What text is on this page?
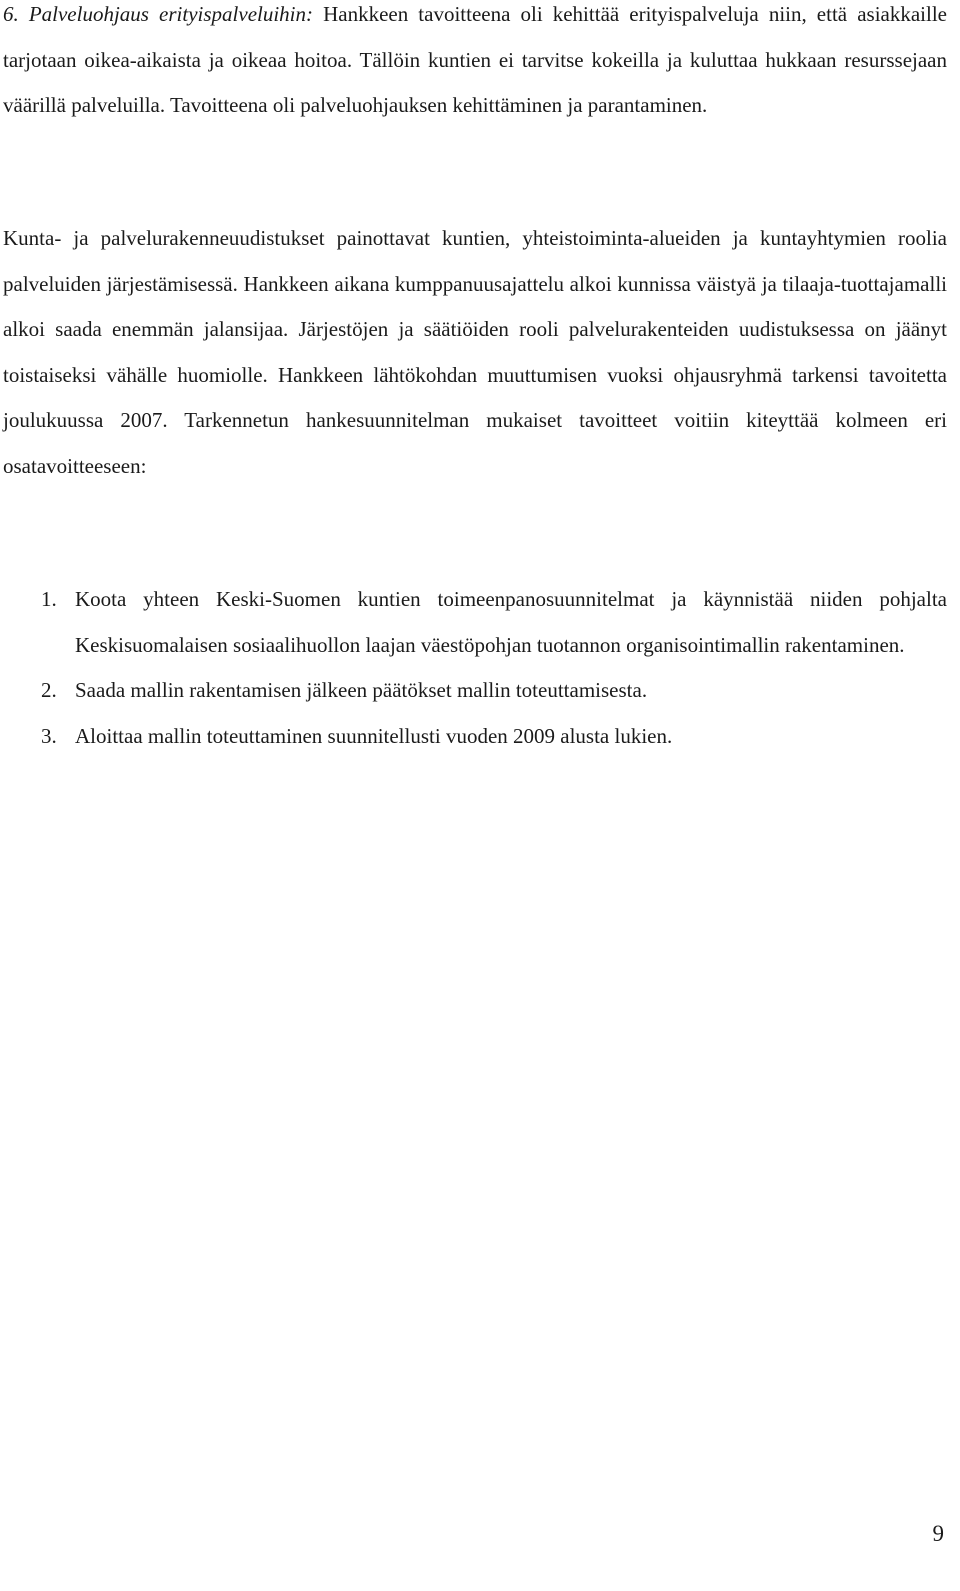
6. Palveluohjaus erityispalveluihin: Hankkeen tavoitteena oli kehittää erityispalveluja niin, että asiakkaille tarjotaan oikea-aikaista ja oikeaa hoitoa. Tällöin kuntien ei tarvitse kokeilla ja kuluttaa hukkaan resurssejaan väärillä palveluilla. Tavoitteena oli palveluohjauksen kehittäminen ja parantaminen.

Kunta- ja palvelurakenneuudistukset painottavat kuntien, yhteistoiminta-alueiden ja kuntayhtymien roolia palveluiden järjestämisessä. Hankkeen aikana kumppanuusajattelu alkoi kunnissa väistyä ja tilaaja-tuottajamalli alkoi saada enemmän jalansijaa. Järjestöjen ja säätiöiden rooli palvelurakenteiden uudistuksessa on jäänyt toistaiseksi vähälle huomiolle. Hankkeen lähtökohdan muuttumisen vuoksi ohjausryhmä tarkensi tavoitetta joulukuussa 2007. Tarkennetun hankesuunnitelman mukaiset tavoitteet voitiin kiteyttää kolmeen eri osatavoitteeseen:

1. Koota yhteen Keski-Suomen kuntien toimeenpanosuunnitelmat ja käynnistää niiden pohjalta Keskisuomalaisen sosiaalihuollon laajan väestöpohjan tuotannon organisointimallin rakentaminen.
2. Saada mallin rakentamisen jälkeen päätökset mallin toteuttamisesta.
3. Aloittaa mallin toteuttaminen suunnitellusti vuoden 2009 alusta lukien.
9
